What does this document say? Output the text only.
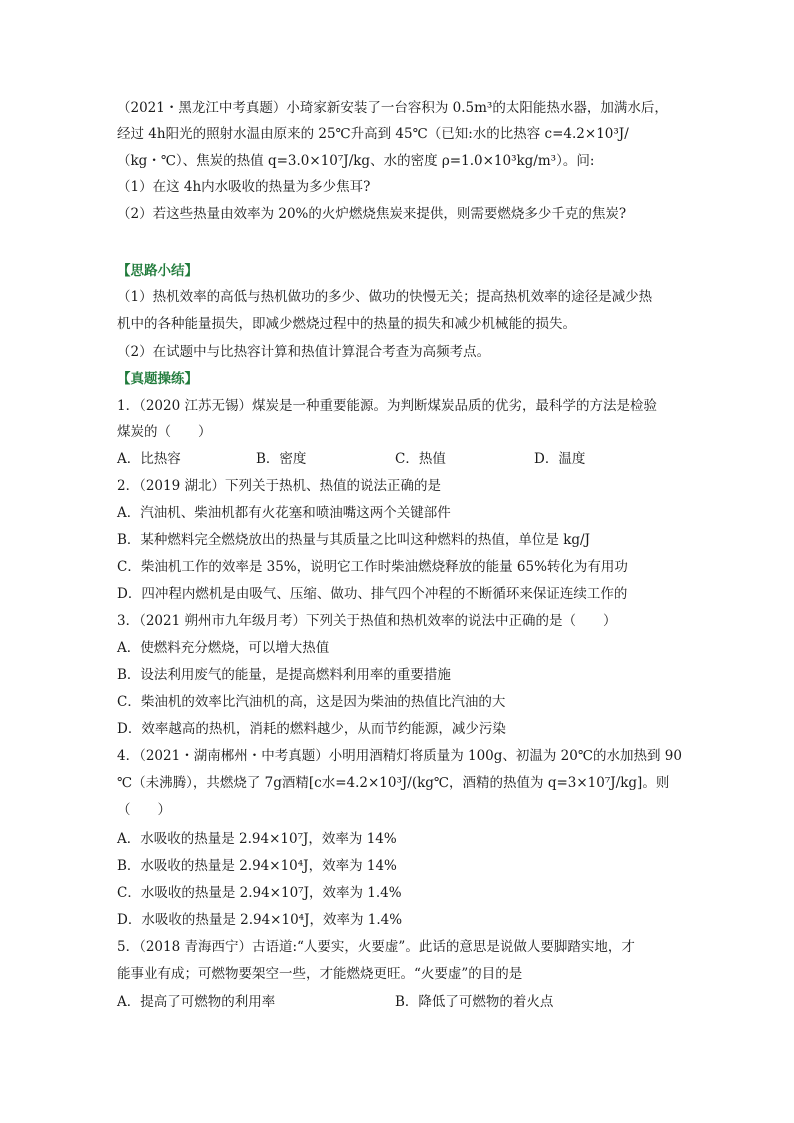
（2021・黑龙江中考真题）小琦家新安装了一台容积为 0.5m³的太阳能热水器，加满水后，
经过 4h阳光的照射水温由原来的 25℃升高到 45℃（已知:水的比热容 c=4.2×10³J/
（kg・℃）、焦炭的热值 q=3.0×10⁷J/kg、水的密度 ρ=1.0×10³kg/m³）。问:
（1）在这 4h内水吸收的热量为多少焦耳?
（2）若这些热量由效率为 20%的火炉燃烧焦炭来提供，则需要燃烧多少千克的焦炭?
【思路小结】
（1）热机效率的高低与热机做功的多少、做功的快慢无关；提高热机效率的途径是减少热
机中的各种能量损失，即减少燃烧过程中的热量的损失和减少机械能的损失。
（2）在试题中与比热容计算和热值计算混合考查为高频考点。
【真题操练】
1．（2020 江苏无锡）煤炭是一种重要能源。为判断煤炭品质的优劣，最科学的方法是检验
煤炭的（　　）
A．比热容	B．密度	C．热值	D．温度
2．（2019 湖北）下列关于热机、热值的说法正确的是
A．汽油机、柴油机都有火花塞和喷油嘴这两个关键部件
B．某种燃料完全燃烧放出的热量与其质量之比叫这种燃料的热值，单位是 kg/J
C．柴油机工作的效率是 35%，说明它工作时柴油燃烧释放的能量 65%转化为有用功
D．四冲程内燃机是由吸气、压缩、做功、排气四个冲程的不断循环来保证连续工作的
3．（2021 朔州市九年级月考）下列关于热值和热机效率的说法中正确的是（　　）
A．使燃料充分燃烧，可以增大热值
B．设法利用废气的能量，是提高燃料利用率的重要措施
C．柴油机的效率比汽油机的高，这是因为柴油的热值比汽油的大
D．效率越高的热机，消耗的燃料越少，从而节约能源，减少污染
4．（2021・湖南郴州・中考真题）小明用酒精灯将质量为 100g、初温为 20℃的水加热到 90
℃（未沸腾），共燃烧了 7g酒精[c水=4.2×10³J/(kg℃，酒精的热值为 q=3×10⁷J/kg]。则
（　　）
A．水吸收的热量是 2.94×10⁷J，效率为 14%
B．水吸收的热量是 2.94×10⁴J，效率为 14%
C．水吸收的热量是 2.94×10⁷J，效率为 1.4%
D．水吸收的热量是 2.94×10⁴J，效率为 1.4%
5．（2018 青海西宁）古语道:“人要实，火要虚”。此话的意思是说做人要脚踏实地，才
能事业有成；可燃物要架空一些，才能燃烧更旺。“火要虚”的目的是
A．提高了可燃物的利用率	B．降低了可燃物的着火点
